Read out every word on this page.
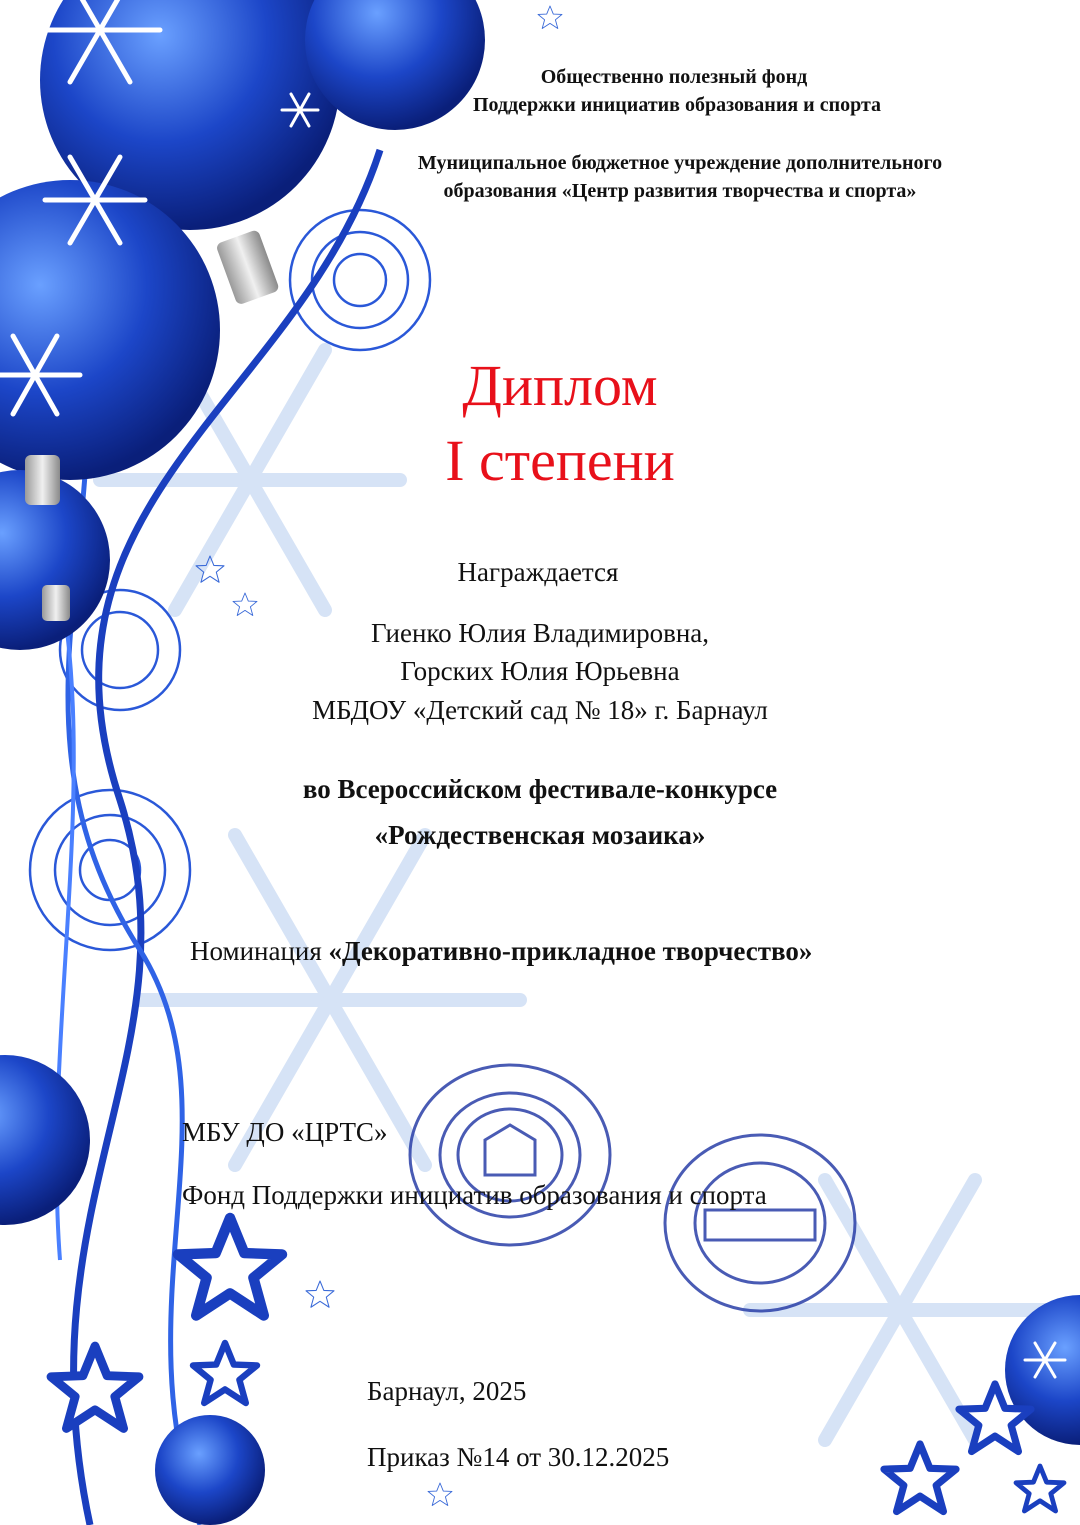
Общественно полезный фонд
Поддержки инициатив образования и спорта
Муниципальное бюджетное учреждение дополнительного
образования «Центр развития творчества и спорта»
Диплом
I степени
Награждается
Гиенко Юлия Владимировна,
Горских Юлия Юрьевна
МБДОУ «Детский сад № 18» г. Барнаул
во Всероссийском фестивале-конкурсе
«Рождественская мозаика»
Номинация «Декоративно-прикладное творчество»
МБУ ДО «ЦРТС»
Фонд Поддержки инициатив образования и спорта
Барнаул, 2025
Приказ №14 от 30.12.2025
